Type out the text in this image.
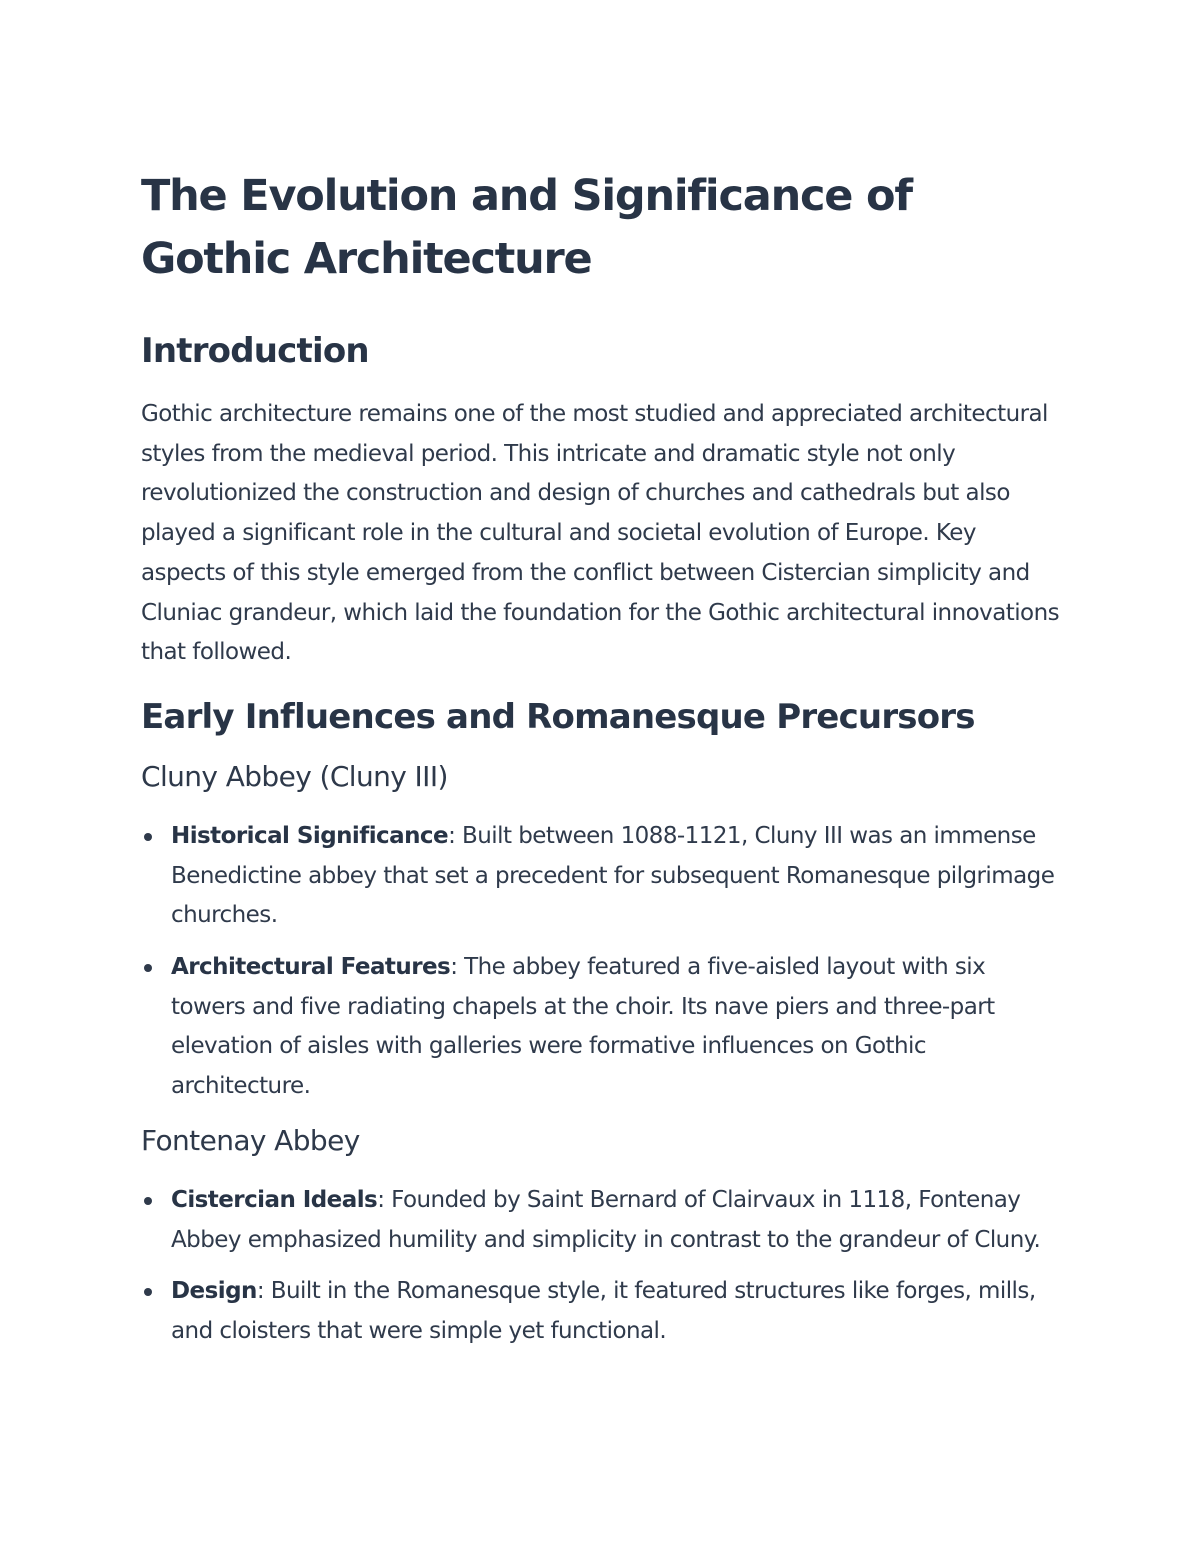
The Evolution and Significance of Gothic Architecture
Introduction

Gothic architecture remains one of the most studied and appreciated architectural styles from the medieval period. This intricate and dramatic style not only revolutionized the construction and design of churches and cathedrals but also played a significant role in the cultural and societal evolution of Europe. Key aspects of this style emerged from the conflict between Cistercian simplicity and Cluniac grandeur, which laid the foundation for the Gothic architectural innovations that followed.

Early Influences and Romanesque Precursors
Cluny Abbey (Cluny III)
Historical Significance: Built between 1088-1121, Cluny III was an immense Benedictine abbey that set a precedent for subsequent Romanesque pilgrimage churches.
Architectural Features: The abbey featured a five-aisled layout with six towers and five radiating chapels at the choir. Its nave piers and three-part elevation of aisles with galleries were formative influences on Gothic architecture.
Fontenay Abbey
Cistercian Ideals: Founded by Saint Bernard of Clairvaux in 1118, Fontenay Abbey emphasized humility and simplicity in contrast to the grandeur of Cluny.
Design: Built in the Romanesque style, it featured structures like forges, mills, and cloisters that were simple yet functional.
